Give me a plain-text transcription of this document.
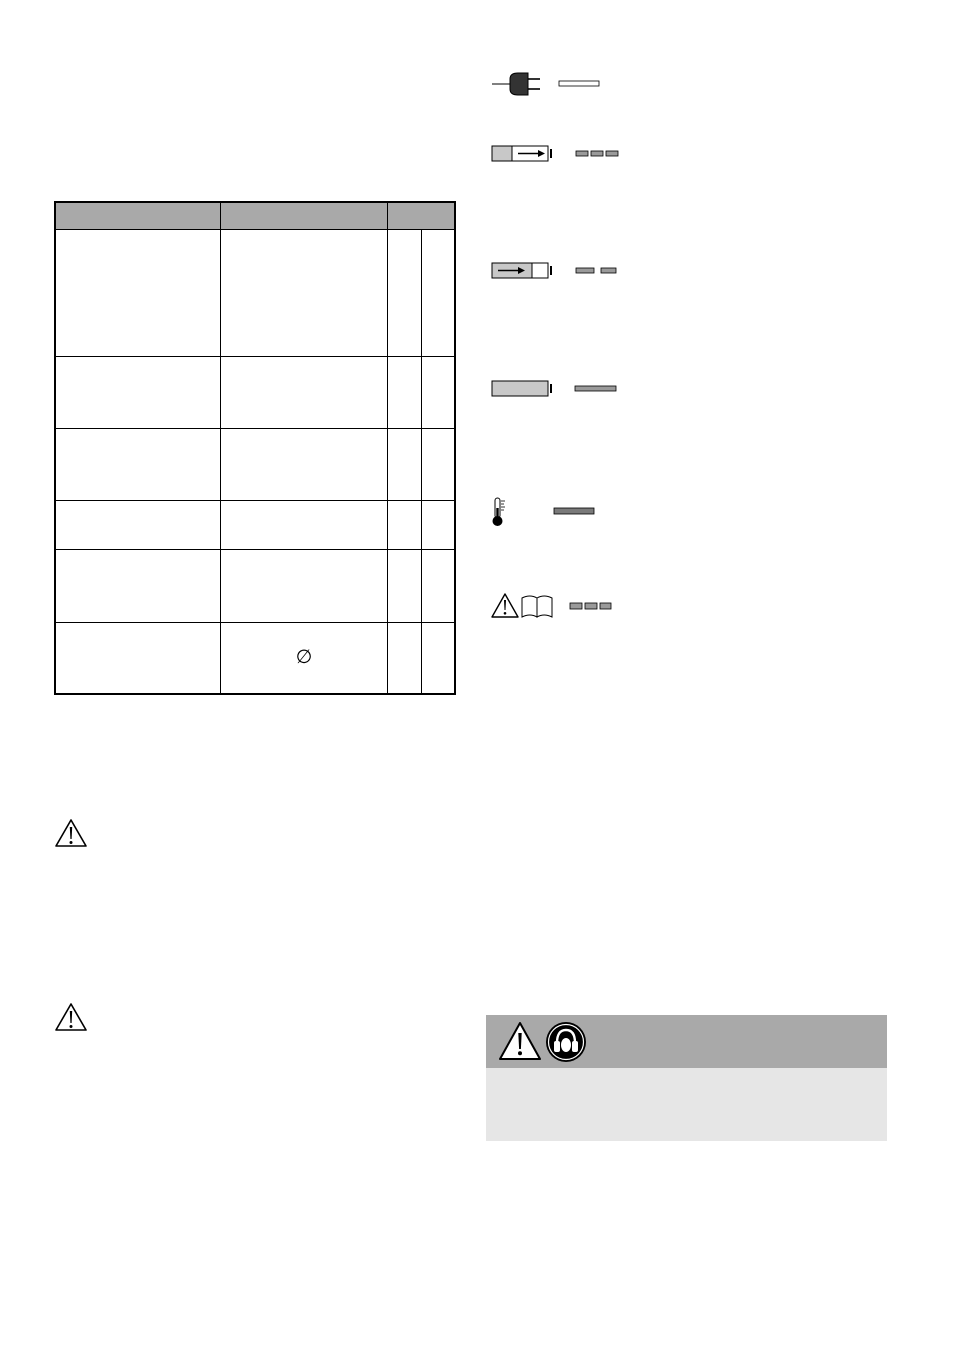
	∅		
